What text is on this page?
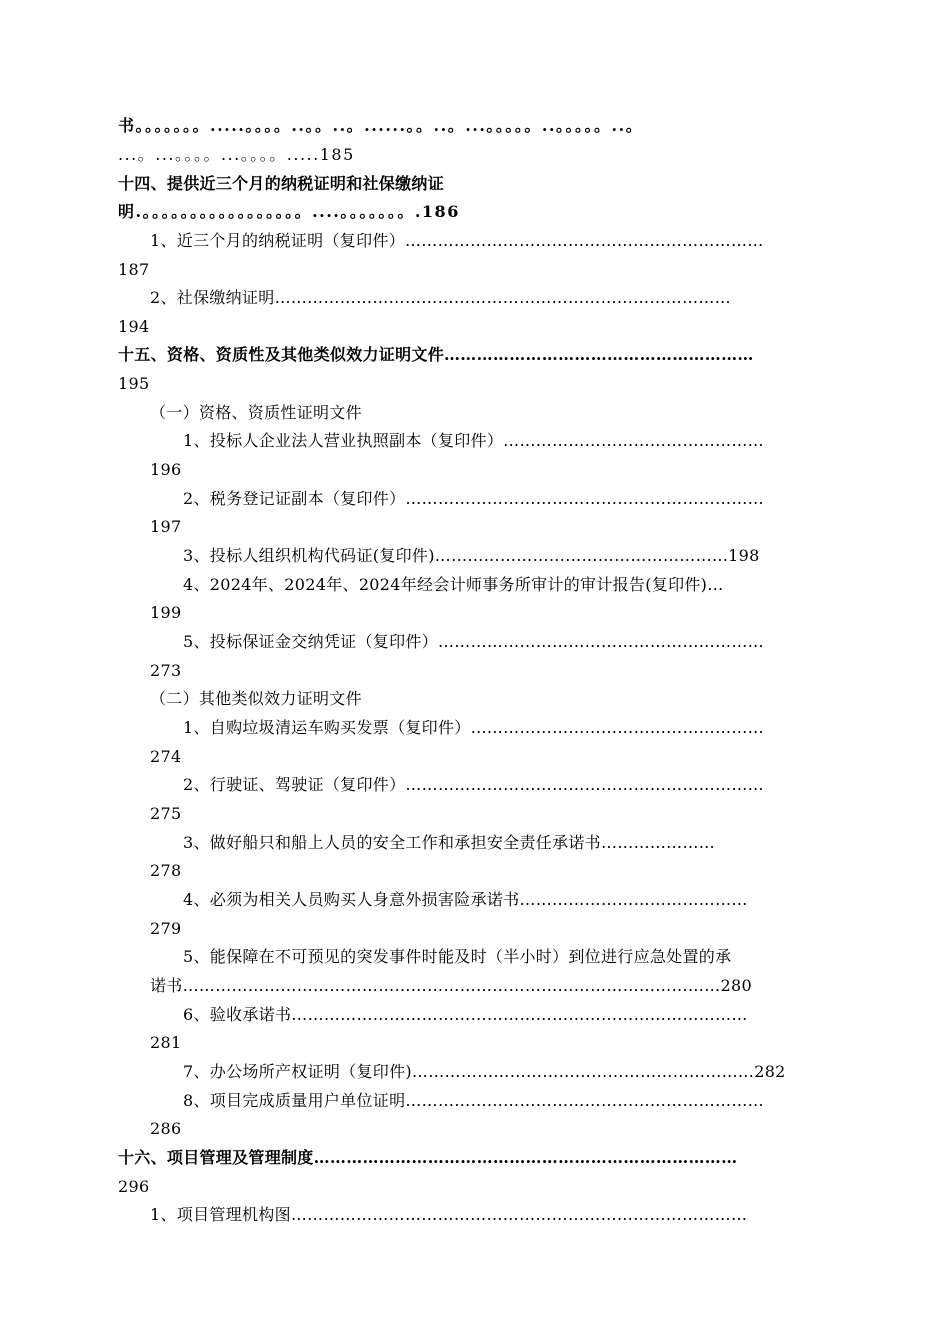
书。。。。。。。.....。。。。..。。..。......。。..。...。。。。。..。。。。。..。
...。...。。。。...。。。。.....185
十四、提供近三个月的纳税证明和社保缴纳证
明.。。。。。。。。。。。。。。。。。....。。。。。。。.186
1、近三个月的纳税证明（复印件）…………………………………………………………
187
2、社保缴纳证明…………………………………………………………………………
194
十五、资格、资质性及其他类似效力证明文件…………………………………………………
195
（一）资格、资质性证明文件
1、投标人企业法人营业执照副本（复印件）…………………………………………
196
2、税务登记证副本（复印件）…………………………………………………………
197
3、投标人组织机构代码证(复印件)………………………………………………198
4、2024年、2024年、2024年经会计师事务所审计的审计报告(复印件)…
199
5、投标保证金交纳凭证（复印件）……………………………………………………
273
（二）其他类似效力证明文件
1、自购垃圾清运车购买发票（复印件）………………………………………………
274
2、行驶证、驾驶证（复印件）…………………………………………………………
275
3、做好船只和船上人员的安全工作和承担安全责任承诺书…………………
278
4、必须为相关人员购买人身意外损害险承诺书……………………………………
279
5、能保障在不可预见的突发事件时能及时（半小时）到位进行应急处置的承
诺书………………………………………………………………………………………280
6、验收承诺书…………………………………………………………………………
281
7、办公场所产权证明（复印件)………………………………………………………282
8、项目完成质量用户单位证明…………………………………………………………
286
十六、项目管理及管理制度……………………………………………………………………
296
1、项目管理机构图…………………………………………………………………………
